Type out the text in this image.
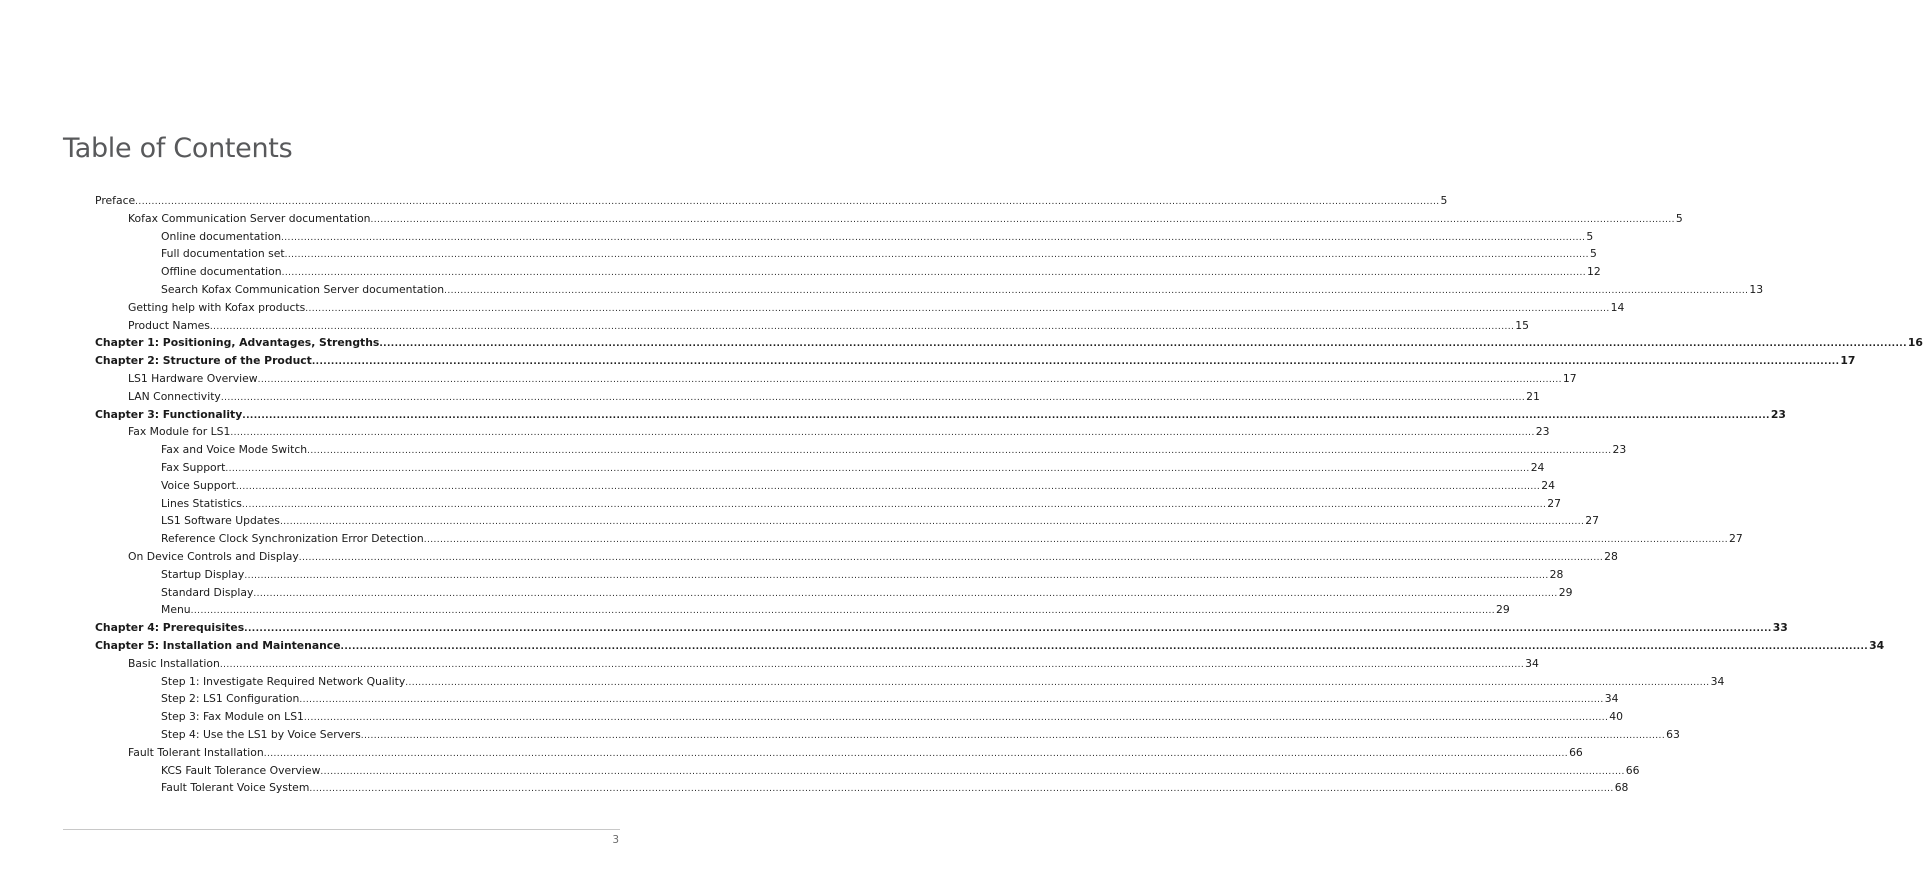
Table of Contents
Preface ................................................................................................................................................................................................................................................................................................................................................................................................................ 5
Kofax Communication Server documentation ................................................................................................................................................................................................................................................................................................................................................................................................................ 5
Online documentation ................................................................................................................................................................................................................................................................................................................................................................................................................ 5
Full documentation set ................................................................................................................................................................................................................................................................................................................................................................................................................ 5
Offline documentation ................................................................................................................................................................................................................................................................................................................................................................................................................ 12
Search Kofax Communication Server documentation ................................................................................................................................................................................................................................................................................................................................................................................................................ 13
Getting help with Kofax products ................................................................................................................................................................................................................................................................................................................................................................................................................ 14
Product Names ................................................................................................................................................................................................................................................................................................................................................................................................................ 15
Chapter 1: Positioning, Advantages, Strengths ................................................................................................................................................................................................................................................................................................................................................................................................................ 16
Chapter 2: Structure of the Product ................................................................................................................................................................................................................................................................................................................................................................................................................ 17
LS1 Hardware Overview ................................................................................................................................................................................................................................................................................................................................................................................................................ 17
LAN Connectivity ................................................................................................................................................................................................................................................................................................................................................................................................................ 21
Chapter 3: Functionality ................................................................................................................................................................................................................................................................................................................................................................................................................ 23
Fax Module for LS1 ................................................................................................................................................................................................................................................................................................................................................................................................................ 23
Fax and Voice Mode Switch ................................................................................................................................................................................................................................................................................................................................................................................................................ 23
Fax Support ................................................................................................................................................................................................................................................................................................................................................................................................................ 24
Voice Support ................................................................................................................................................................................................................................................................................................................................................................................................................ 24
Lines Statistics ................................................................................................................................................................................................................................................................................................................................................................................................................ 27
LS1 Software Updates ................................................................................................................................................................................................................................................................................................................................................................................................................ 27
Reference Clock Synchronization Error Detection ................................................................................................................................................................................................................................................................................................................................................................................................................ 27
On Device Controls and Display ................................................................................................................................................................................................................................................................................................................................................................................................................ 28
Startup Display ................................................................................................................................................................................................................................................................................................................................................................................................................ 28
Standard Display ................................................................................................................................................................................................................................................................................................................................................................................................................ 29
Menu ................................................................................................................................................................................................................................................................................................................................................................................................................ 29
Chapter 4: Prerequisites ................................................................................................................................................................................................................................................................................................................................................................................................................ 33
Chapter 5: Installation and Maintenance ................................................................................................................................................................................................................................................................................................................................................................................................................ 34
Basic Installation ................................................................................................................................................................................................................................................................................................................................................................................................................ 34
Step 1: Investigate Required Network Quality ................................................................................................................................................................................................................................................................................................................................................................................................................ 34
Step 2: LS1 Configuration ................................................................................................................................................................................................................................................................................................................................................................................................................ 34
Step 3: Fax Module on LS1 ................................................................................................................................................................................................................................................................................................................................................................................................................ 40
Step 4: Use the LS1 by Voice Servers ................................................................................................................................................................................................................................................................................................................................................................................................................ 63
Fault Tolerant Installation ................................................................................................................................................................................................................................................................................................................................................................................................................ 66
KCS Fault Tolerance Overview ................................................................................................................................................................................................................................................................................................................................................................................................................ 66
Fault Tolerant Voice System ................................................................................................................................................................................................................................................................................................................................................................................................................ 68
3
